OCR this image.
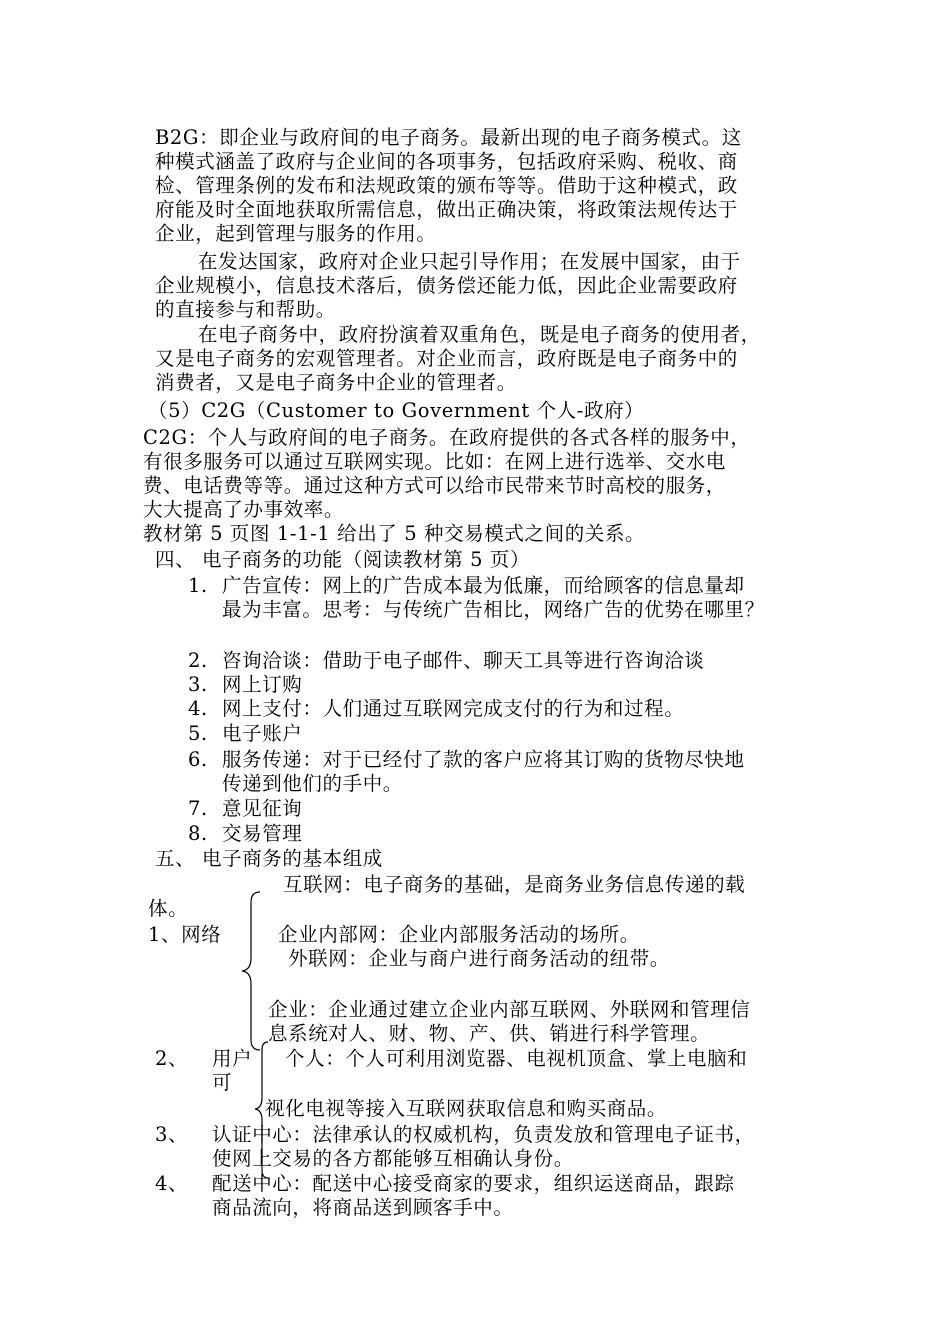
B2G：即企业与政府间的电子商务。最新出现的电子商务模式。这
种模式涵盖了政府与企业间的各项事务，包括政府采购、税收、商
检、管理条例的发布和法规政策的颁布等等。借助于这种模式，政
府能及时全面地获取所需信息，做出正确决策，将政策法规传达于
企业，起到管理与服务的作用。
在发达国家，政府对企业只起引导作用；在发展中国家，由于
企业规模小，信息技术落后，债务偿还能力低，因此企业需要政府
的直接参与和帮助。
在电子商务中，政府扮演着双重角色，既是电子商务的使用者，
又是电子商务的宏观管理者。对企业而言，政府既是电子商务中的
消费者，又是电子商务中企业的管理者。
（5）C2G（Customer to Government 个人-政府）
C2G：个人与政府间的电子商务。在政府提供的各式各样的服务中，
有很多服务可以通过互联网实现。比如：在网上进行选举、交水电
费、电话费等等。通过这种方式可以给市民带来节时高校的服务，
大大提高了办事效率。
教材第 5 页图 1-1-1 给出了 5 种交易模式之间的关系。
四、 电子商务的功能（阅读教材第 5 页）
1. 广告宣传：网上的广告成本最为低廉，而给顾客的信息量却
最为丰富。思考：与传统广告相比，网络广告的优势在哪里？
2. 咨询洽谈：借助于电子邮件、聊天工具等进行咨询洽谈
3. 网上订购
4. 网上支付：人们通过互联网完成支付的行为和过程。
5. 电子账户
6. 服务传递：对于已经付了款的客户应将其订购的货物尽快地
传递到他们的手中。
7. 意见征询
8. 交易管理
五、 电子商务的基本组成
互联网：电子商务的基础，是商务业务信息传递的载
体。
1、网络	企业内部网：企业内部服务活动的场所。
外联网：企业与商户进行商务活动的纽带。
企业：企业通过建立企业内部互联网、外联网和管理信
息系统对人、财、物、产、供、销进行科学管理。
2、 用户
可
个人：个人可利用浏览器、电视机顶盒、掌上电脑和
视化电视等接入互联网获取信息和购买商品。
3、 认证中心：法律承认的权威机构，负责发放和管理电子证书，
使网上交易的各方都能够互相确认身份。
4、 配送中心：配送中心接受商家的要求，组织运送商品，跟踪
商品流向，将商品送到顾客手中。
